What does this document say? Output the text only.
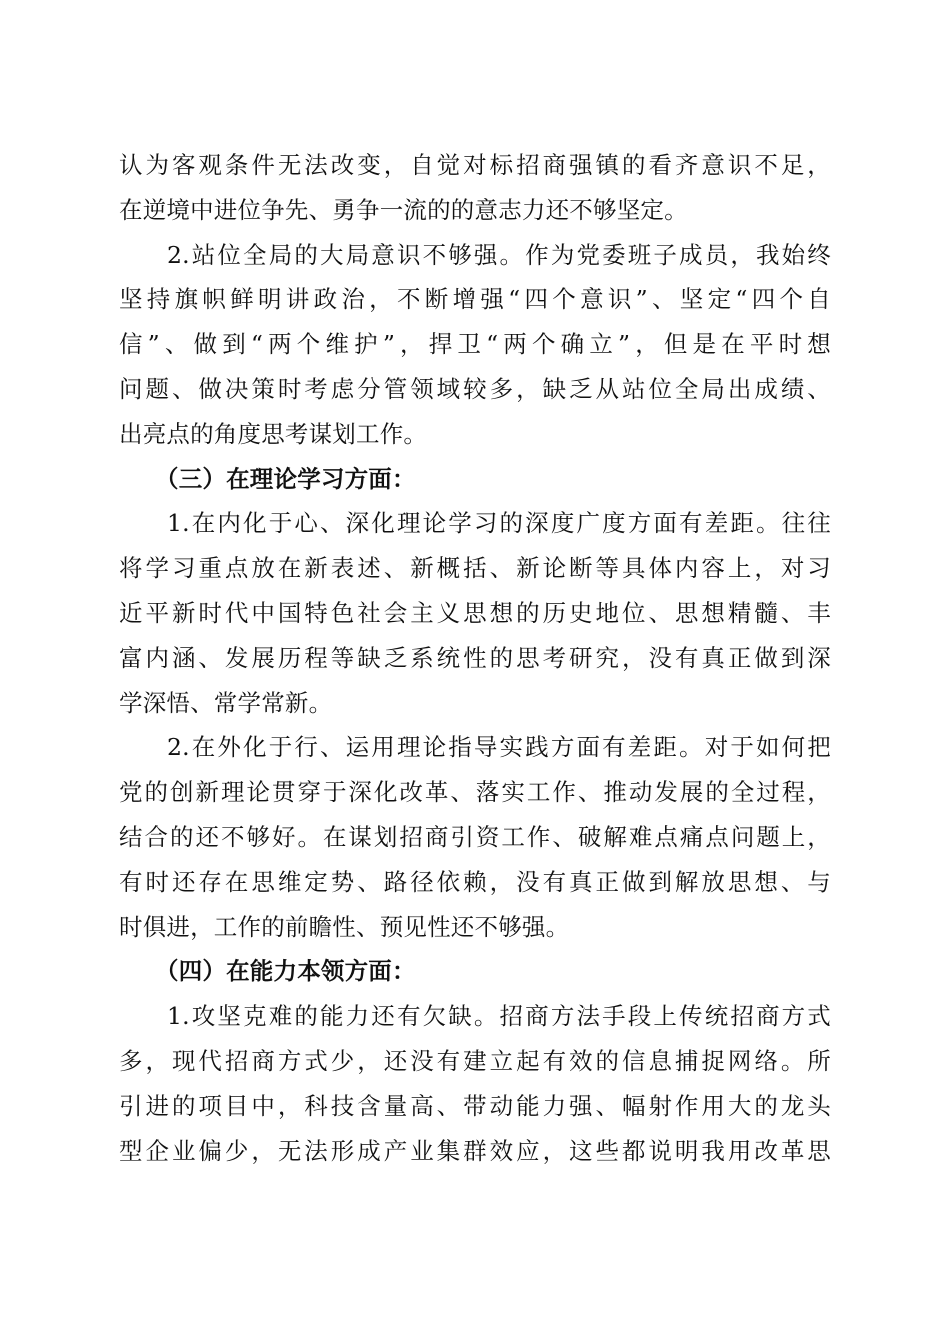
认为客观条件无法改变，自觉对标招商强镇的看齐意识不足，
在逆境中进位争先、勇争一流的的意志力还不够坚定。
2.站位全局的大局意识不够强。作为党委班子成员，我始终
坚持旗帜鲜明讲政治，不断增强“四个意识”、坚定“四个自
信”、做到“两个维护”，捍卫“两个确立”，但是在平时想
问题、做决策时考虑分管领域较多，缺乏从站位全局出成绩、
出亮点的角度思考谋划工作。
（三）在理论学习方面：
1.在内化于心、深化理论学习的深度广度方面有差距。往往
将学习重点放在新表述、新概括、新论断等具体内容上，对习
近平新时代中国特色社会主义思想的历史地位、思想精髓、丰
富内涵、发展历程等缺乏系统性的思考研究，没有真正做到深
学深悟、常学常新。
2.在外化于行、运用理论指导实践方面有差距。对于如何把
党的创新理论贯穿于深化改革、落实工作、推动发展的全过程，
结合的还不够好。在谋划招商引资工作、破解难点痛点问题上，
有时还存在思维定势、路径依赖，没有真正做到解放思想、与
时俱进，工作的前瞻性、预见性还不够强。
（四）在能力本领方面：
1.攻坚克难的能力还有欠缺。招商方法手段上传统招商方式
多，现代招商方式少，还没有建立起有效的信息捕捉网络。所
引进的项目中，科技含量高、带动能力强、幅射作用大的龙头
型企业偏少，无法形成产业集群效应，这些都说明我用改革思
